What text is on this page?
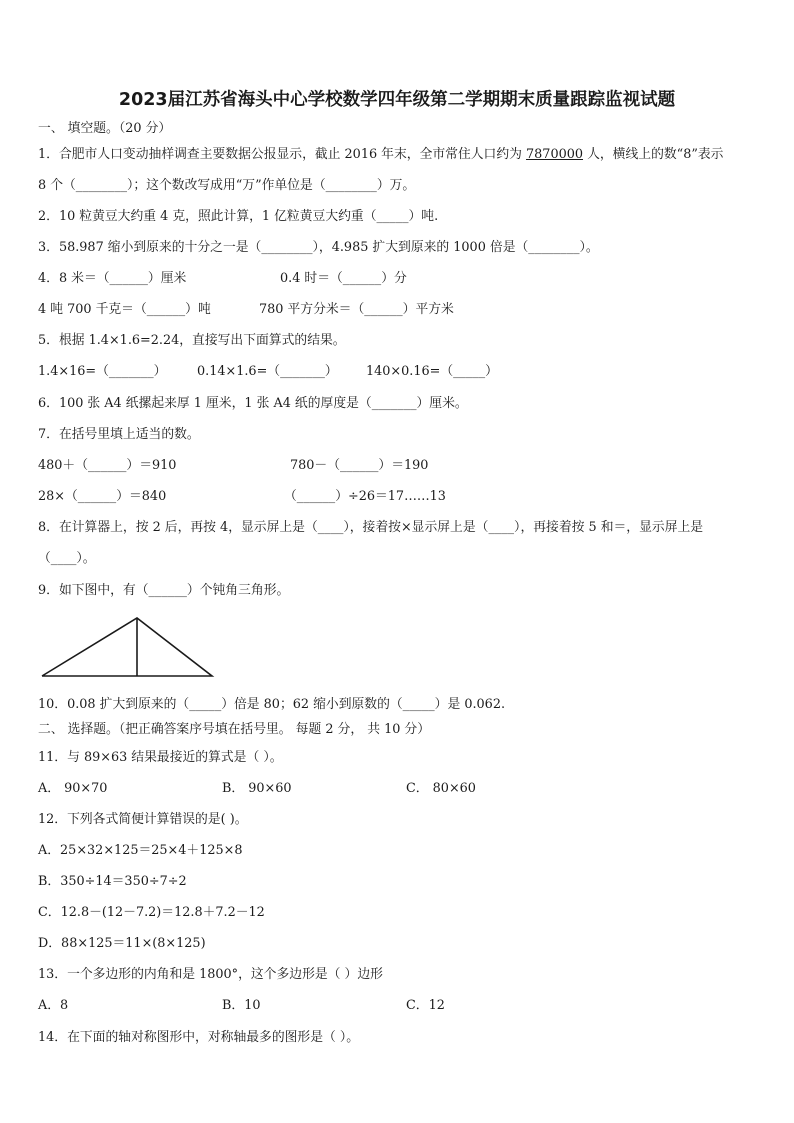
2023届江苏省海头中心学校数学四年级第二学期期末质量跟踪监视试题
一、 填空题。（20 分）
1．合肥市人口变动抽样调查主要数据公报显示，截止 2016 年末，全市常住人口约为 7870000 人，横线上的数“8”表示
8 个（________）；这个数改写成用“万”作单位是（________）万。
2．10 粒黄豆大约重 4 克，照此计算，1 亿粒黄豆大约重（_____）吨.
3．58.987 缩小到原来的十分之一是（________），4.985 扩大到原来的 1000 倍是（________）。
4．8 米＝（______）厘米	0.4 时＝（______）分
4 吨 700 千克＝（______）吨	780 平方分米＝（______）平方米
5．根据 1.4×1.6=2.24，直接写出下面算式的结果。
1.4×16=（_______） 0.14×1.6=（_______） 140×0.16=（_____）
6．100 张 A4 纸摞起来厚 1 厘米，1 张 A4 纸的厚度是（_______）厘米。
7．在括号里填上适当的数。
480＋（______）＝910	780－（______）＝190
28×（______）＝840	（______）÷26＝17……13
8．在计算器上，按 2 后，再按 4，显示屏上是（____），接着按×显示屏上是（____），再接着按 5 和＝，显示屏上是
（____）。
9．如下图中，有（______）个钝角三角形。
10．0.08 扩大到原来的（_____）倍是 80；62 缩小到原数的（_____）是 0.062.
二、 选择题。（把正确答案序号填在括号里。 每题 2 分， 共 10 分）
11．与 89×63 结果最接近的算式是（ ）。
A． 90×70	B． 90×60	C． 80×60
12．下列各式简便计算错误的是( )。
A．25×32×125＝25×4＋125×8
B．350÷14＝350÷7÷2
C．12.8－(12－7.2)＝12.8＋7.2－12
D．88×125＝11×(8×125)
13．一个多边形的内角和是 1800°，这个多边形是（ ）边形
A．8	B．10	C．12
14．在下面的轴对称图形中，对称轴最多的图形是（ ）。
